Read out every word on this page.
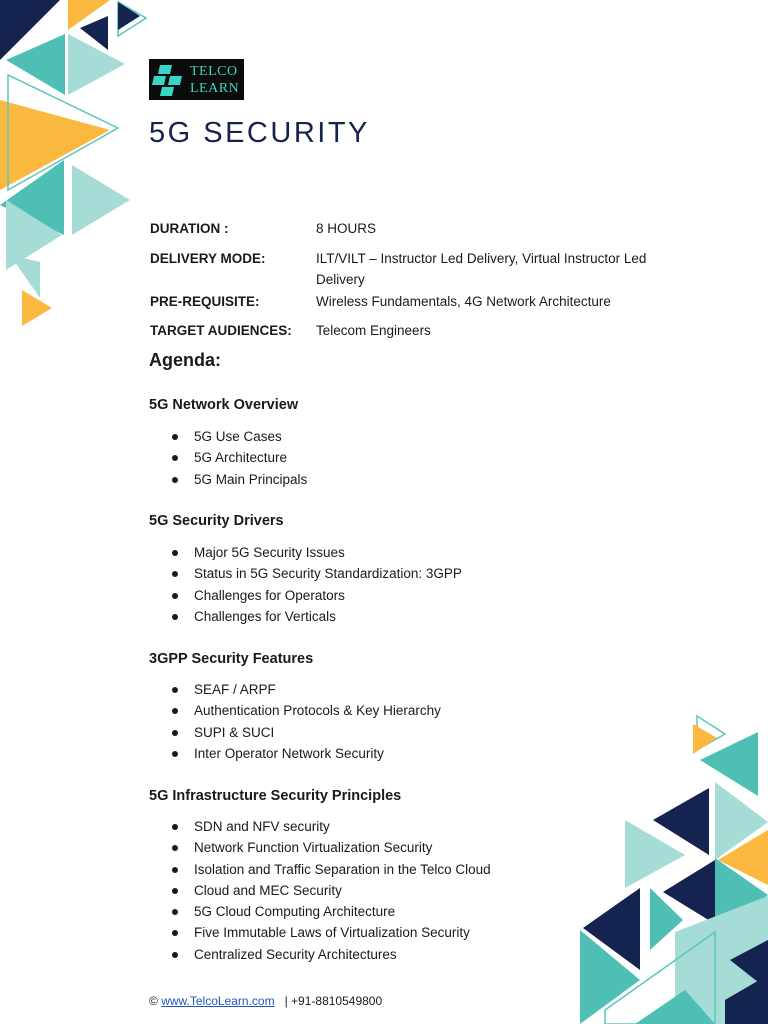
TELCO
LEARN
5G SECURITY
DURATION :	8 HOURS
DELIVERY MODE:	ILT/VILT – Instructor Led Delivery, Virtual Instructor Led Delivery
PRE-REQUISITE:	Wireless Fundamentals, 4G Network Architecture
TARGET AUDIENCES:	Telecom Engineers
Agenda:
5G Network Overview
5G Use Cases
5G Architecture
5G Main Principals
5G Security Drivers
Major 5G Security Issues
Status in 5G Security Standardization: 3GPP
Challenges for Operators
Challenges for Verticals
3GPP Security Features
SEAF / ARPF
Authentication Protocols & Key Hierarchy
SUPI & SUCI
Inter Operator Network Security
5G Infrastructure Security Principles
SDN and NFV security
Network Function Virtualization Security
Isolation and Traffic Separation in the Telco Cloud
Cloud and MEC Security
5G Cloud Computing Architecture
Five Immutable Laws of Virtualization Security
Centralized Security Architectures
© www.TelcoLearn.com | +91-8810549800
